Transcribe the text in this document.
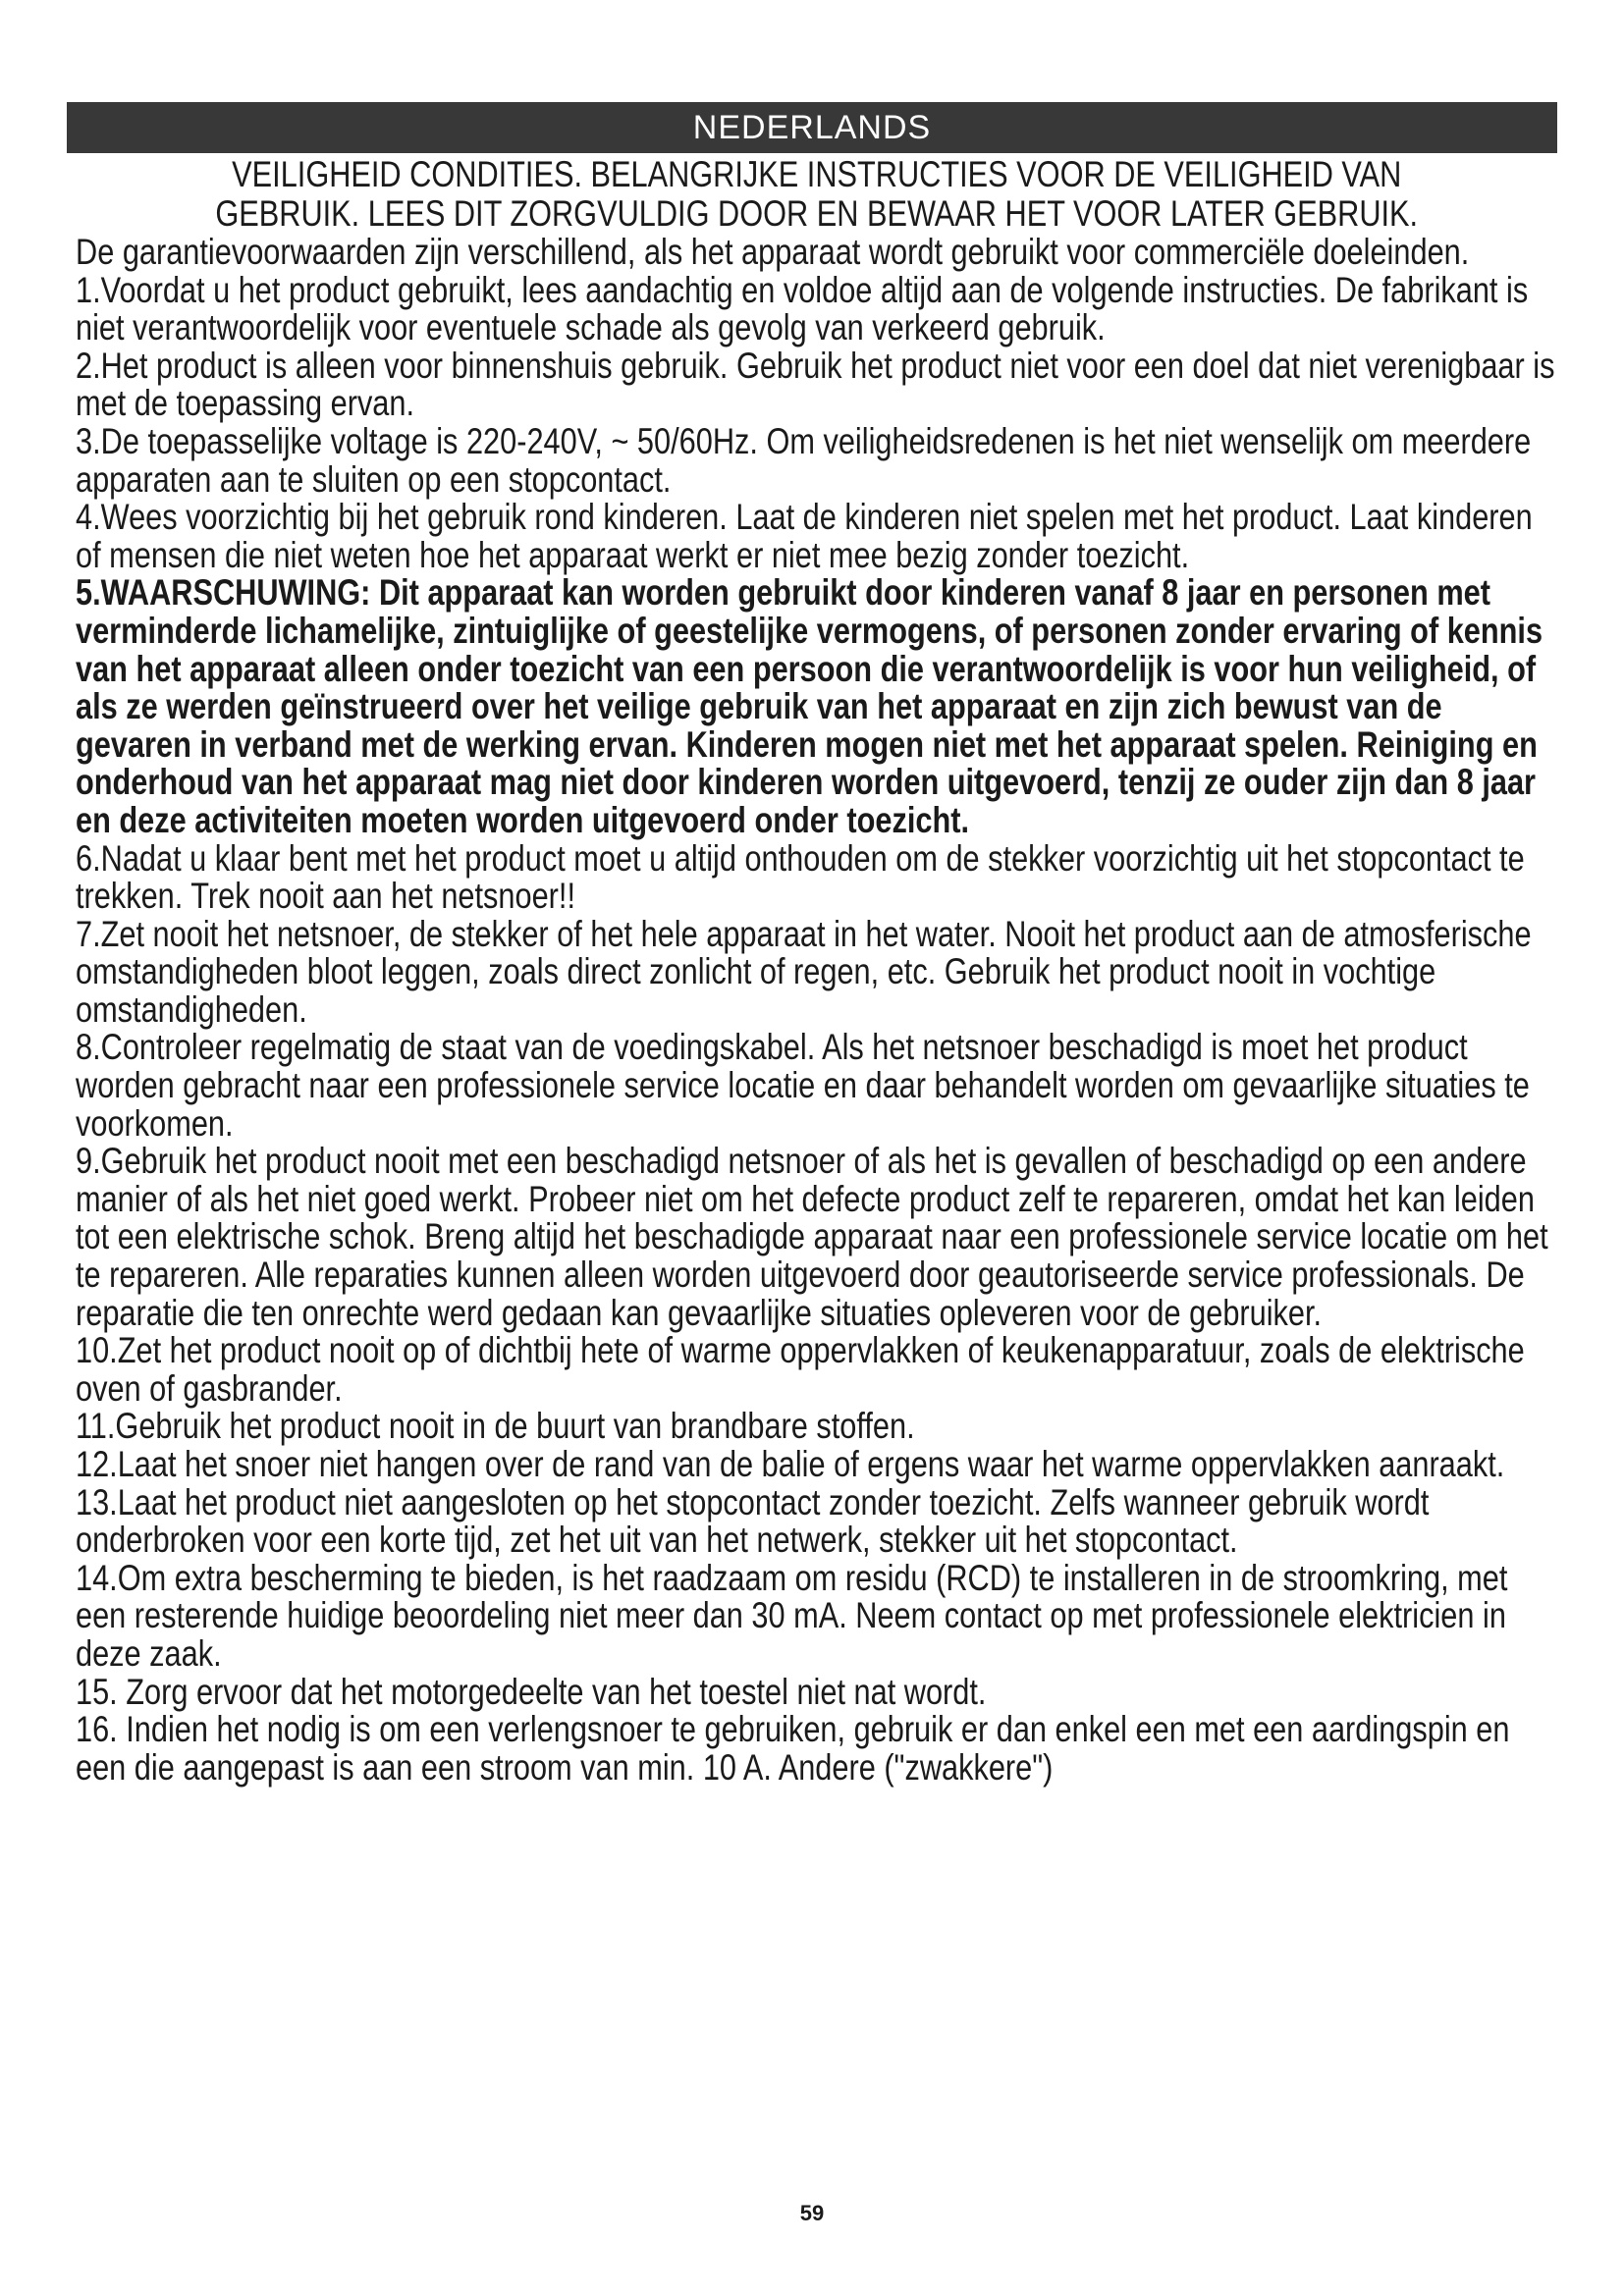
NEDERLANDS

VEILIGHEID CONDITIES. BELANGRIJKE INSTRUCTIES VOOR DE VEILIGHEID VAN

GEBRUIK. LEES DIT ZORGVULDIG DOOR EN BEWAAR HET VOOR LATER GEBRUIK.

De garantievoorwaarden zijn verschillend, als het apparaat wordt gebruikt voor commerciële doeleinden.

1.Voordat u het product gebruikt, lees aandachtig en voldoe altijd aan de volgende instructies. De fabrikant is niet verantwoordelijk voor eventuele schade als gevolg van verkeerd gebruik.

2.Het product is alleen voor binnenshuis gebruik. Gebruik het product niet voor een doel dat niet verenigbaar is met de toepassing ervan.

3.De toepasselijke voltage is 220-240V, ~ 50/60Hz. Om veiligheidsredenen is het niet wenselijk om meerdere apparaten aan te sluiten op een stopcontact.

4.Wees voorzichtig bij het gebruik rond kinderen. Laat de kinderen niet spelen met het product. Laat kinderen of mensen die niet weten hoe het apparaat werkt er niet mee bezig zonder toezicht.

5.WAARSCHUWING: Dit apparaat kan worden gebruikt door kinderen vanaf 8 jaar en personen met verminderde lichamelijke, zintuiglijke of geestelijke vermogens, of personen zonder ervaring of kennis van het apparaat alleen onder toezicht van een persoon die verantwoordelijk is voor hun veiligheid, of als ze werden geïnstrueerd over het veilige gebruik van het apparaat en zijn zich bewust van de gevaren in verband met de werking ervan. Kinderen mogen niet met het apparaat spelen. Reiniging en onderhoud van het apparaat mag niet door kinderen worden uitgevoerd, tenzij ze ouder zijn dan 8 jaar en deze activiteiten moeten worden uitgevoerd onder toezicht.

6.Nadat u klaar bent met het product moet u altijd onthouden om de stekker voorzichtig uit het stopcontact te trekken. Trek nooit aan het netsnoer!!

7.Zet nooit het netsnoer, de stekker of het hele apparaat in het water. Nooit het product aan de atmosferische omstandigheden bloot leggen, zoals direct zonlicht of regen, etc. Gebruik het product nooit in vochtige omstandigheden.

8.Controleer regelmatig de staat van de voedingskabel. Als het netsnoer beschadigd is moet het product worden gebracht naar een professionele service locatie en daar behandelt worden om gevaarlijke situaties te voorkomen.

9.Gebruik het product nooit met een beschadigd netsnoer of als het is gevallen of beschadigd op een andere manier of als het niet goed werkt. Probeer niet om het defecte product zelf te repareren, omdat het kan leiden tot een elektrische schok. Breng altijd het beschadigde apparaat naar een professionele service locatie om het te repareren. Alle reparaties kunnen alleen worden uitgevoerd door geautoriseerde service professionals. De reparatie die ten onrechte werd gedaan kan gevaarlijke situaties opleveren voor de gebruiker.

10.Zet het product nooit op of dichtbij hete of warme oppervlakken of keukenapparatuur, zoals de elektrische oven of gasbrander.

11.Gebruik het product nooit in de buurt van brandbare stoffen.

12.Laat het snoer niet hangen over de rand van de balie of ergens waar het warme oppervlakken aanraakt.

13.Laat het product niet aangesloten op het stopcontact zonder toezicht. Zelfs wanneer gebruik wordt onderbroken voor een korte tijd, zet het uit van het netwerk, stekker uit het stopcontact.

14.Om extra bescherming te bieden, is het raadzaam om residu (RCD) te installeren in de stroomkring, met een resterende huidige beoordeling niet meer dan 30 mA. Neem contact op met professionele elektricien in deze zaak.

15. Zorg ervoor dat het motorgedeelte van het toestel niet nat wordt.

16. Indien het nodig is om een verlengsnoer te gebruiken, gebruik er dan enkel een met een aardingspin en een die aangepast is aan een stroom van min. 10 A. Andere ("zwakkere")

59
